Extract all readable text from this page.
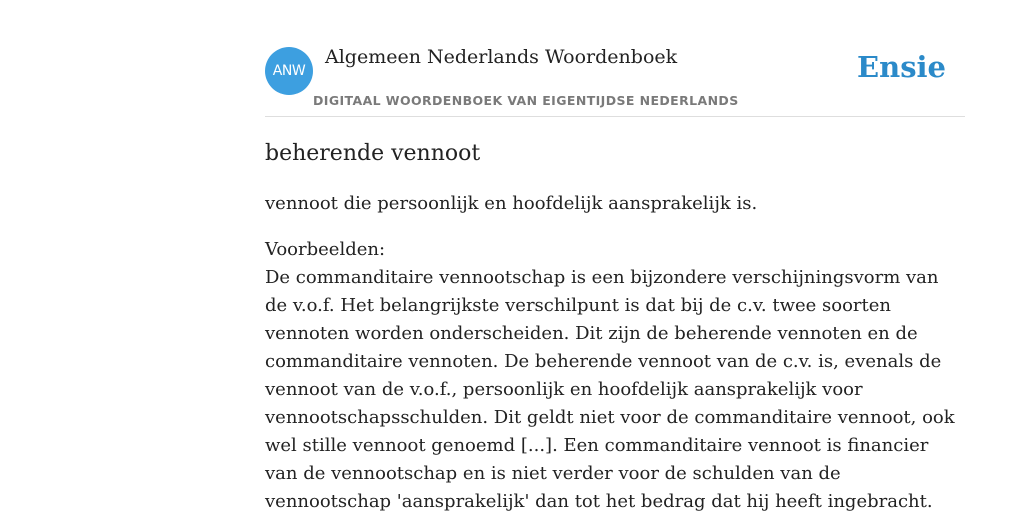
ANW
Algemeen Nederlands Woordenboek
DIGITAAL WOORDENBOEK VAN EIGENTIJDSE NEDERLANDS
Ensie
beherende vennoot

vennoot die persoonlijk en hoofdelijk aansprakelijk is.

Voorbeelden:
De commanditaire vennootschap is een bijzondere verschijningsvorm van de v.o.f. Het belangrijkste verschilpunt is dat bij de c.v. twee soorten vennoten worden onderscheiden. Dit zijn de beherende vennoten en de commanditaire vennoten. De beherende vennoot van de c.v. is, evenals de vennoot van de v.o.f., persoonlijk en hoofdelijk aansprakelijk voor vennootschapsschulden. Dit geldt niet voor de commanditaire vennoot, ook wel stille vennoot genoemd [...]. Een commanditaire vennoot is financier van de vennootschap en is niet verder voor de schulden van de vennootschap 'aansprakelijk' dan tot het bedrag dat hij heeft ingebracht.
